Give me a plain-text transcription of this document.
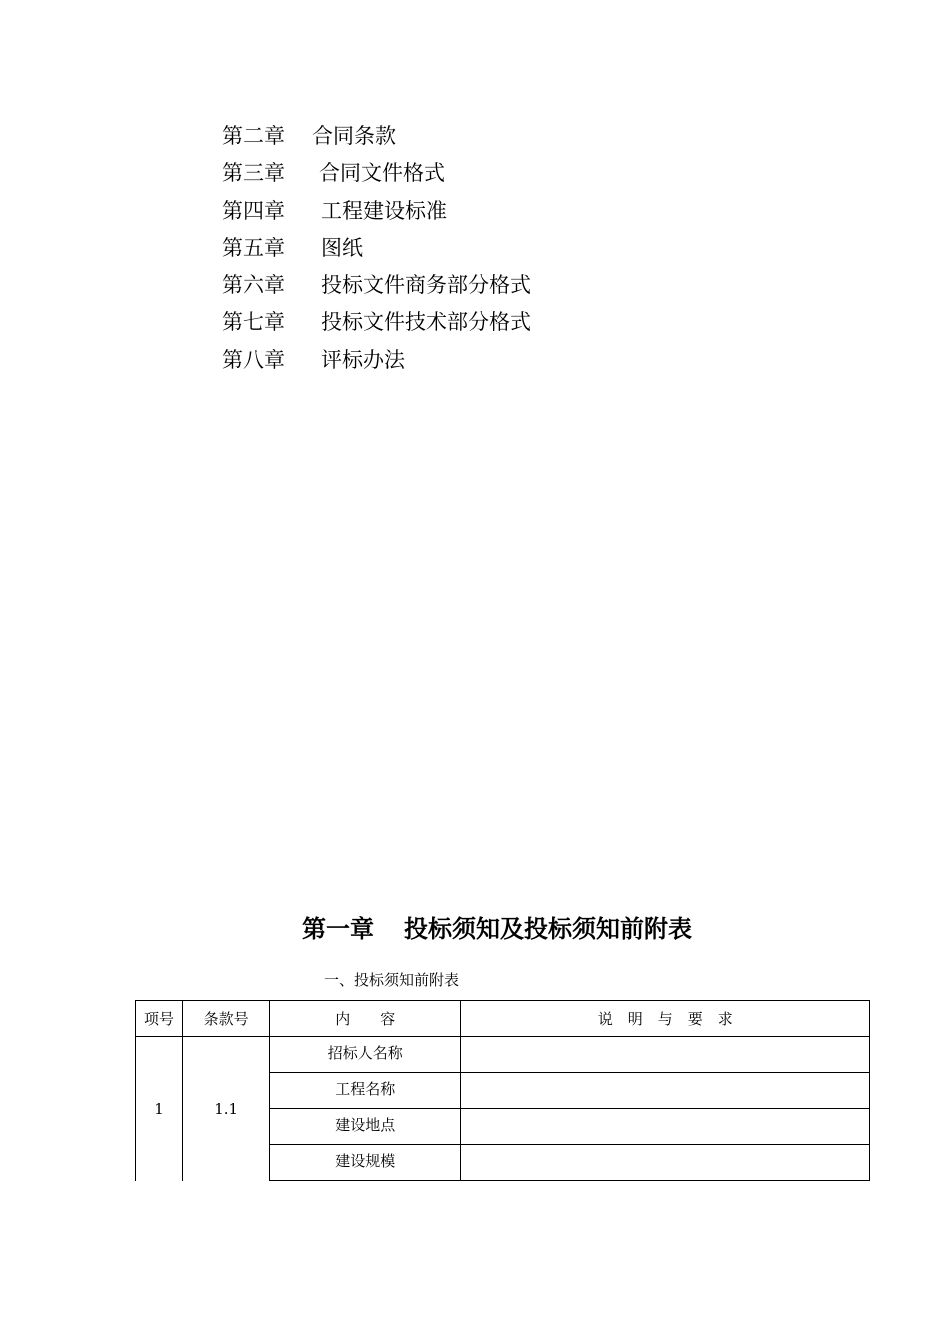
第二章 合同条款
第三章 合同文件格式
第四章 工程建设标准
第五章 图纸
第六章 投标文件商务部分格式
第七章 投标文件技术部分格式
第八章 评标办法
第一章 投标须知及投标须知前附表
一、投标须知前附表
项号	条款号	内　　容	说　明　与　要　求
1	1.1	招标人名称	
		工程名称	
		建设地点	
		建设规模	
